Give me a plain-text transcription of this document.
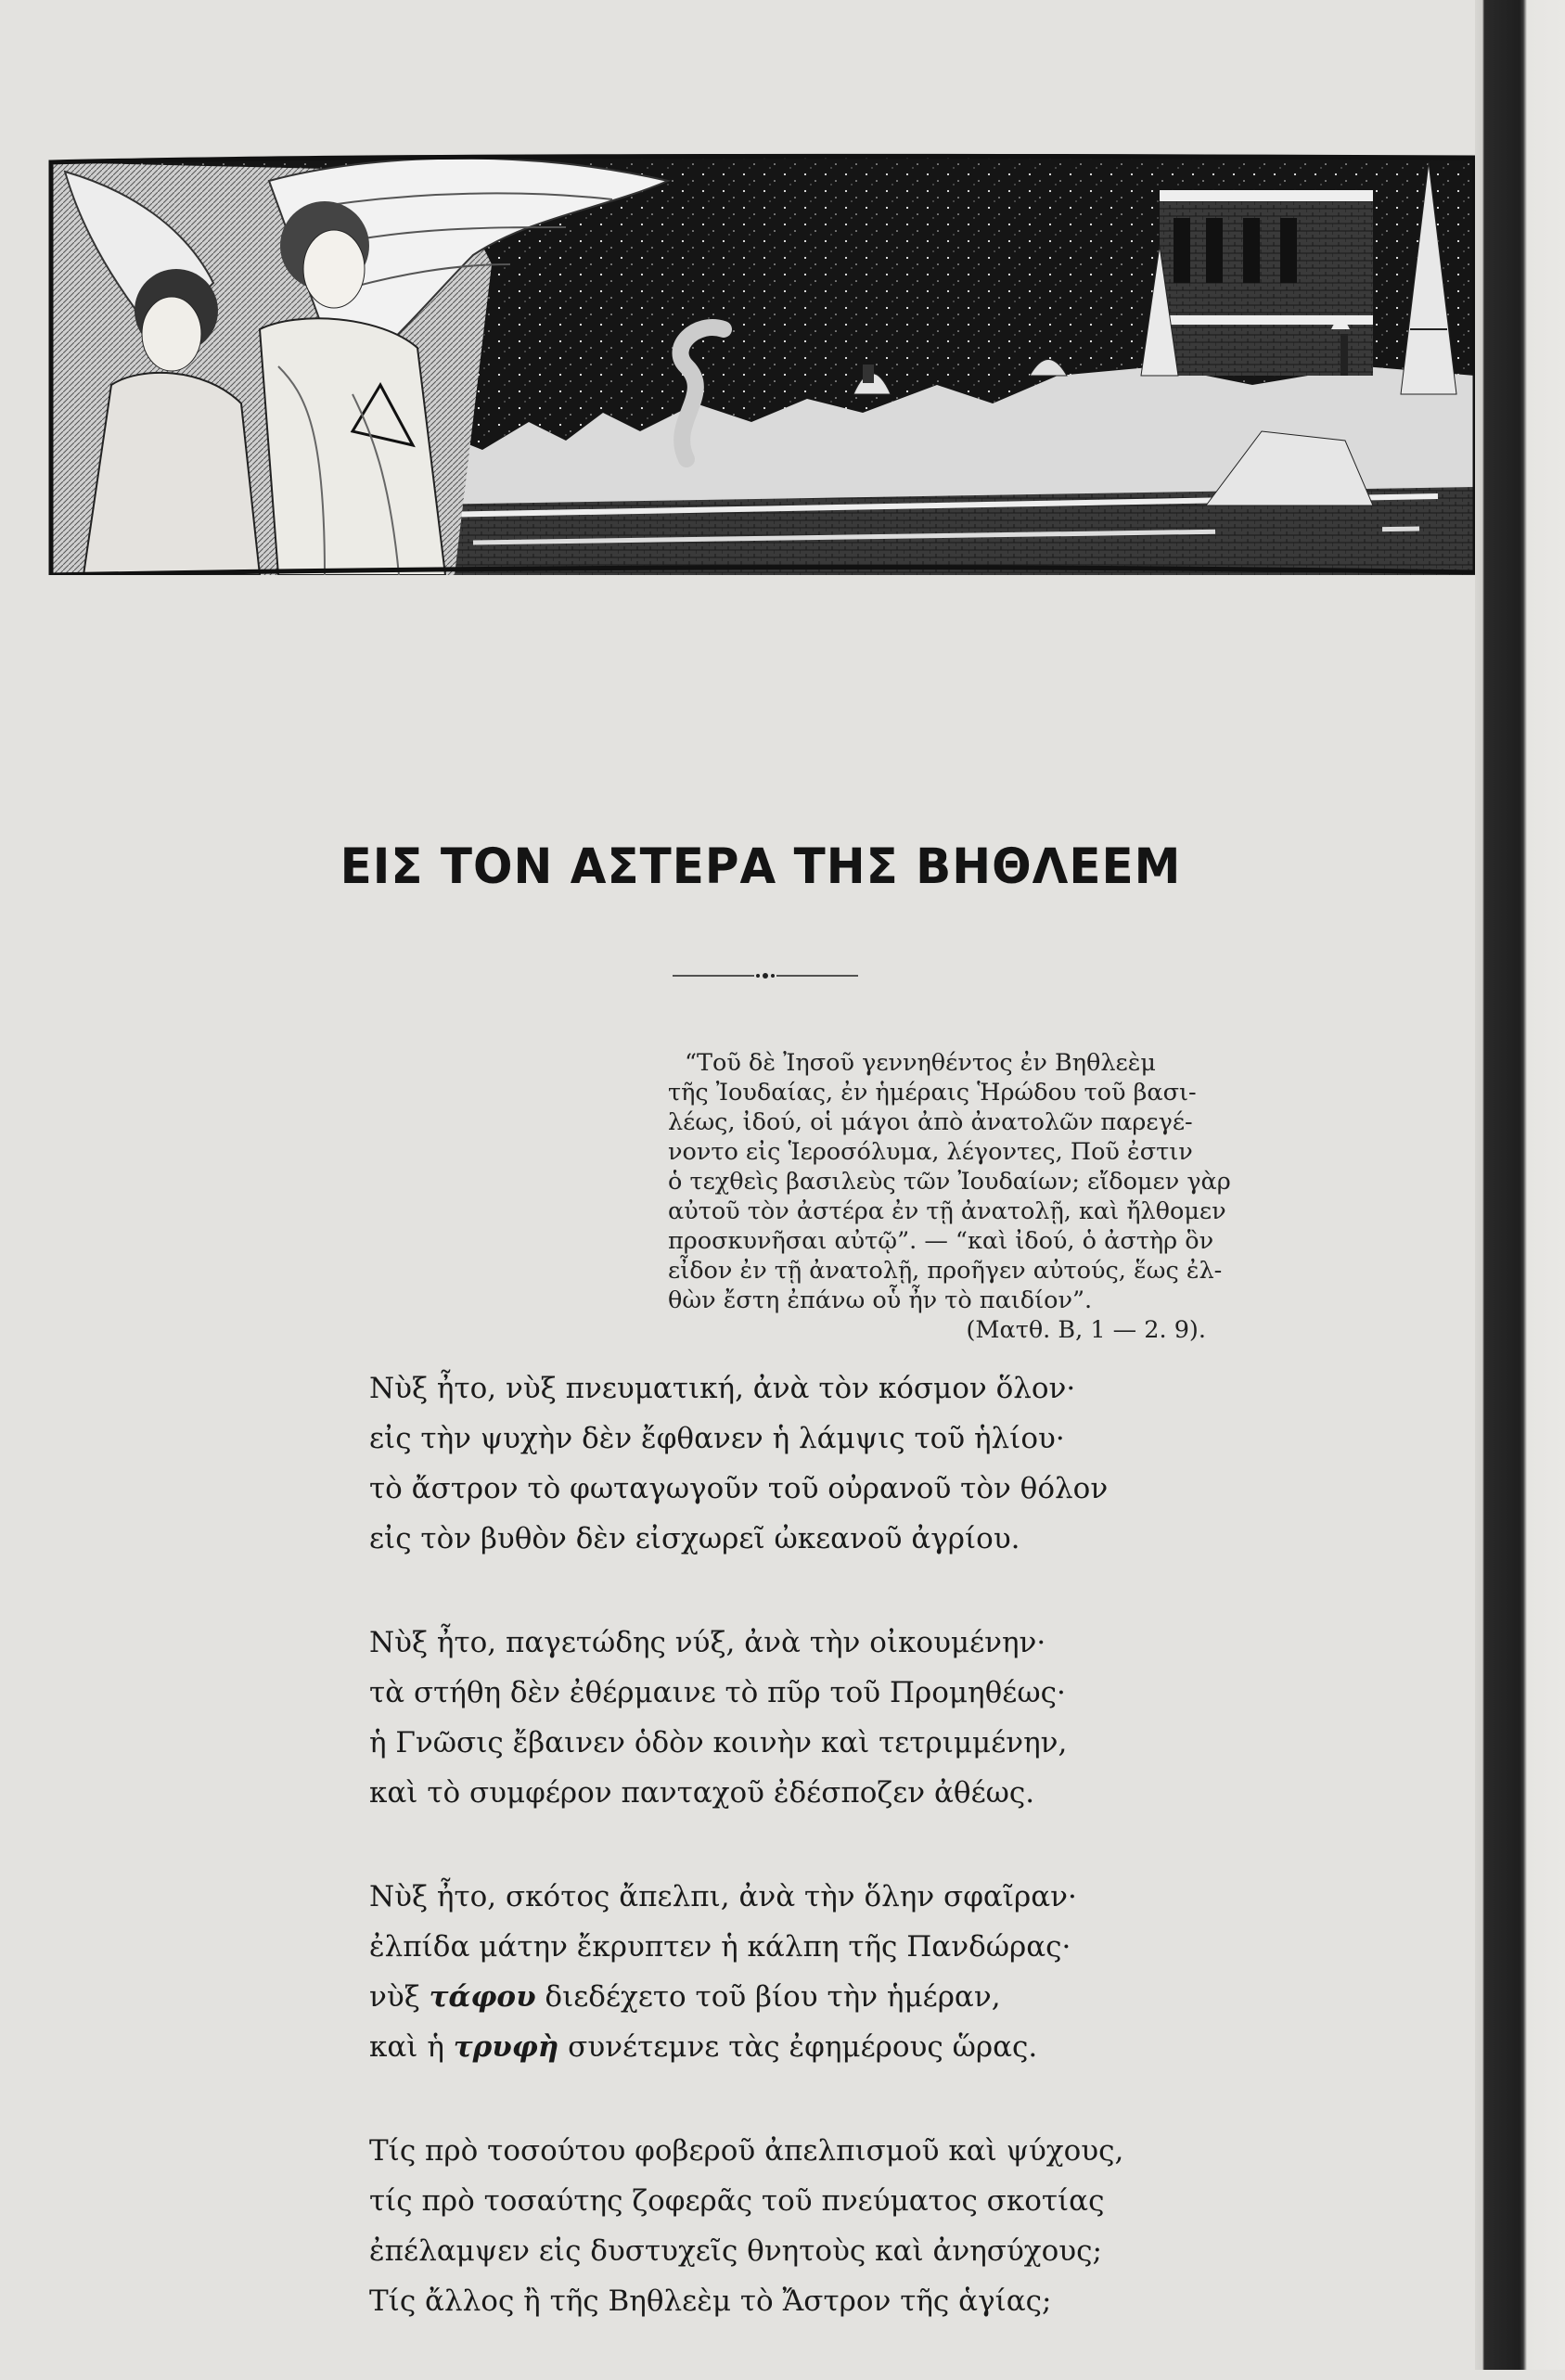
ΕΙΣ ΤΟΝ ΑΣΤΕΡΑ ΤΗΣ ΒΗΘΛΕΕΜ
“Τοῦ δὲ Ἰησοῦ γεννηθέντος ἐν Βηθλεὲμ
τῆς Ἰουδαίας, ἐν ἡμέραις Ἡρώδου τοῦ βασι-
λέως, ἰδού, οἱ μάγοι ἀπὸ ἀνατολῶν παρεγέ-
νοντο εἰς Ἱεροσόλυμα, λέγοντες, Ποῦ ἐστιν
ὁ τεχθεὶς βασιλεὺς τῶν Ἰουδαίων; εἴδομεν γὰρ
αὐτοῦ τὸν ἀστέρα ἐν τῇ ἀνατολῇ, καὶ ἤλθομεν
προσκυνῆσαι αὐτῷ”. — “καὶ ἰδού, ὁ ἀστὴρ ὃν
εἶδον ἐν τῇ ἀνατολῇ, προῆγεν αὐτούς, ἕως ἐλ-
θὼν ἔστη ἐπάνω οὗ ἦν τὸ παιδίον”.
(Ματθ. Β, 1 — 2. 9).
Νὺξ ἦτο, νὺξ πνευματική, ἀνὰ τὸν κόσμον ὅλον·
εἰς τὴν ψυχὴν δὲν ἔφθανεν ἡ λάμψις τοῦ ἡλίου·
τὸ ἄστρον τὸ φωταγωγοῦν τοῦ οὐρανοῦ τὸν θόλον
εἰς τὸν βυθὸν δὲν εἰσχωρεῖ ὠκεανοῦ ἀγρίου.
Νὺξ ἦτο, παγετώδης νύξ, ἀνὰ τὴν οἰκουμένην·
τὰ στήθη δὲν ἐθέρμαινε τὸ πῦρ τοῦ Προμηθέως·
ἡ Γνῶσις ἔβαινεν ὁδὸν κοινὴν καὶ τετριμμένην,
καὶ τὸ συμφέρον πανταχοῦ ἐδέσποζεν ἀθέως.
Νὺξ ἦτο, σκότος ἄπελπι, ἀνὰ τὴν ὅλην σφαῖραν·
ἐλπίδα μάτην ἔκρυπτεν ἡ κάλπη τῆς Πανδώρας·
νὺξ τάφου διεδέχετο τοῦ βίου τὴν ἡμέραν,
καὶ ἡ τρυφὴ συνέτεμνε τὰς ἐφημέρους ὥρας.
Τίς πρὸ τοσούτου φοβεροῦ ἀπελπισμοῦ καὶ ψύχους,
τίς πρὸ τοσαύτης ζοφερᾶς τοῦ πνεύματος σκοτίας
ἐπέλαμψεν εἰς δυστυχεῖς θνητοὺς καὶ ἀνησύχους;
Τίς ἄλλος ἢ τῆς Βηθλεὲμ τὸ Ἄστρον τῆς ἁγίας;
